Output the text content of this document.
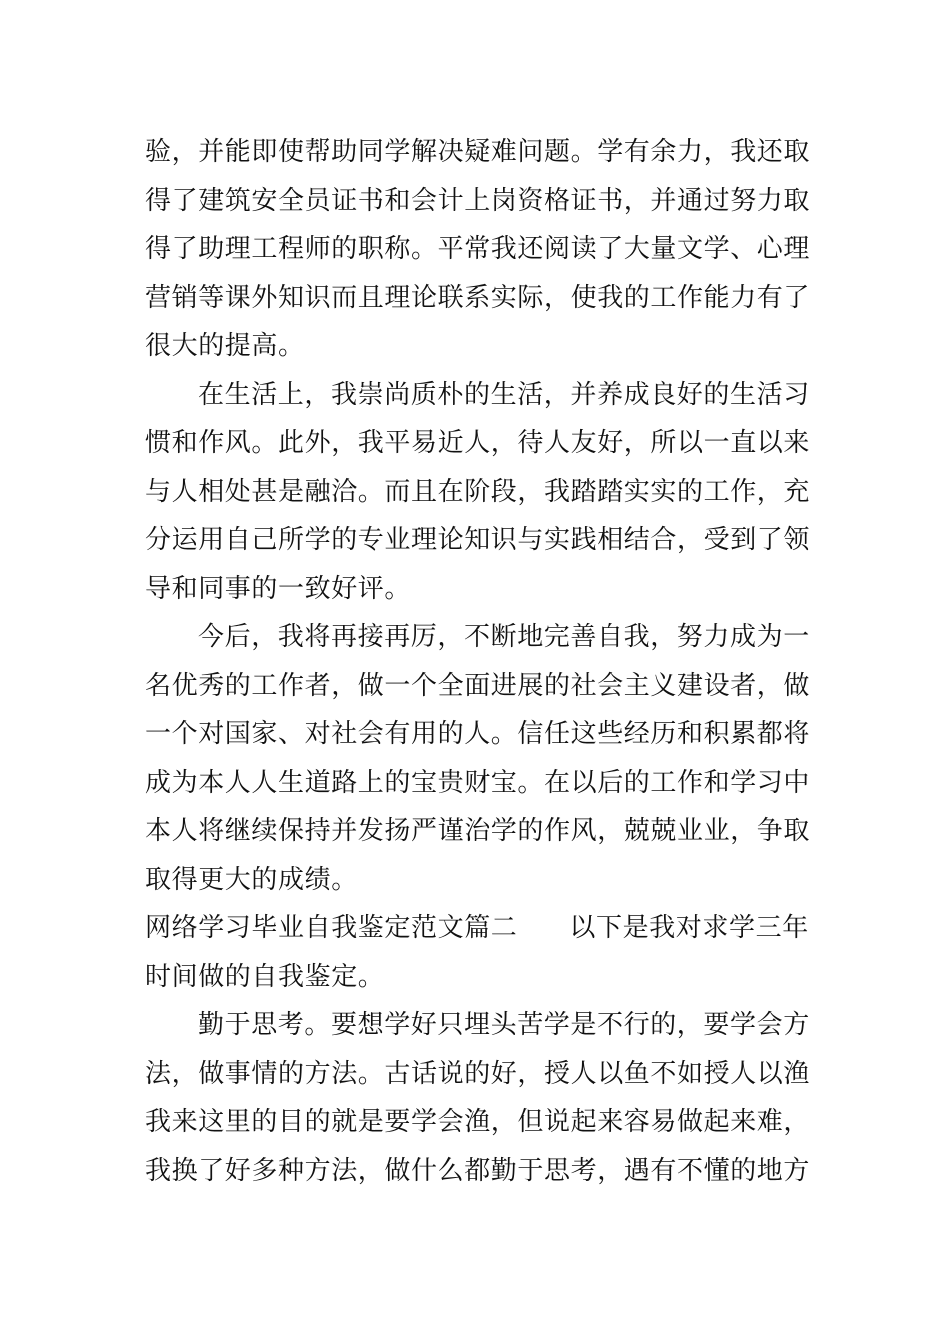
验，并能即使帮助同学解决疑难问题。学有余力，我还取
得了建筑安全员证书和会计上岗资格证书，并通过努力取
得了助理工程师的职称。平常我还阅读了大量文学、心理
营销等课外知识而且理论联系实际，使我的工作能力有了
很大的提高。
在生活上，我崇尚质朴的生活，并养成良好的生活习
惯和作风。此外，我平易近人，待人友好，所以一直以来
与人相处甚是融洽。而且在阶段，我踏踏实实的工作，充
分运用自己所学的专业理论知识与实践相结合，受到了领
导和同事的一致好评。
今后，我将再接再厉，不断地完善自我，努力成为一
名优秀的工作者，做一个全面进展的社会主义建设者，做
一个对国家、对社会有用的人。信任这些经历和积累都将
成为本人人生道路上的宝贵财宝。在以后的工作和学习中
本人将继续保持并发扬严谨治学的作风，兢兢业业，争取
取得更大的成绩。
网络学习毕业自我鉴定范文篇二 以下是我对求学三年
时间做的自我鉴定。
勤于思考。要想学好只埋头苦学是不行的，要学会方
法，做事情的方法。古话说的好，授人以鱼不如授人以渔
我来这里的目的就是要学会渔，但说起来容易做起来难，
我换了好多种方法，做什么都勤于思考，遇有不懂的地方
